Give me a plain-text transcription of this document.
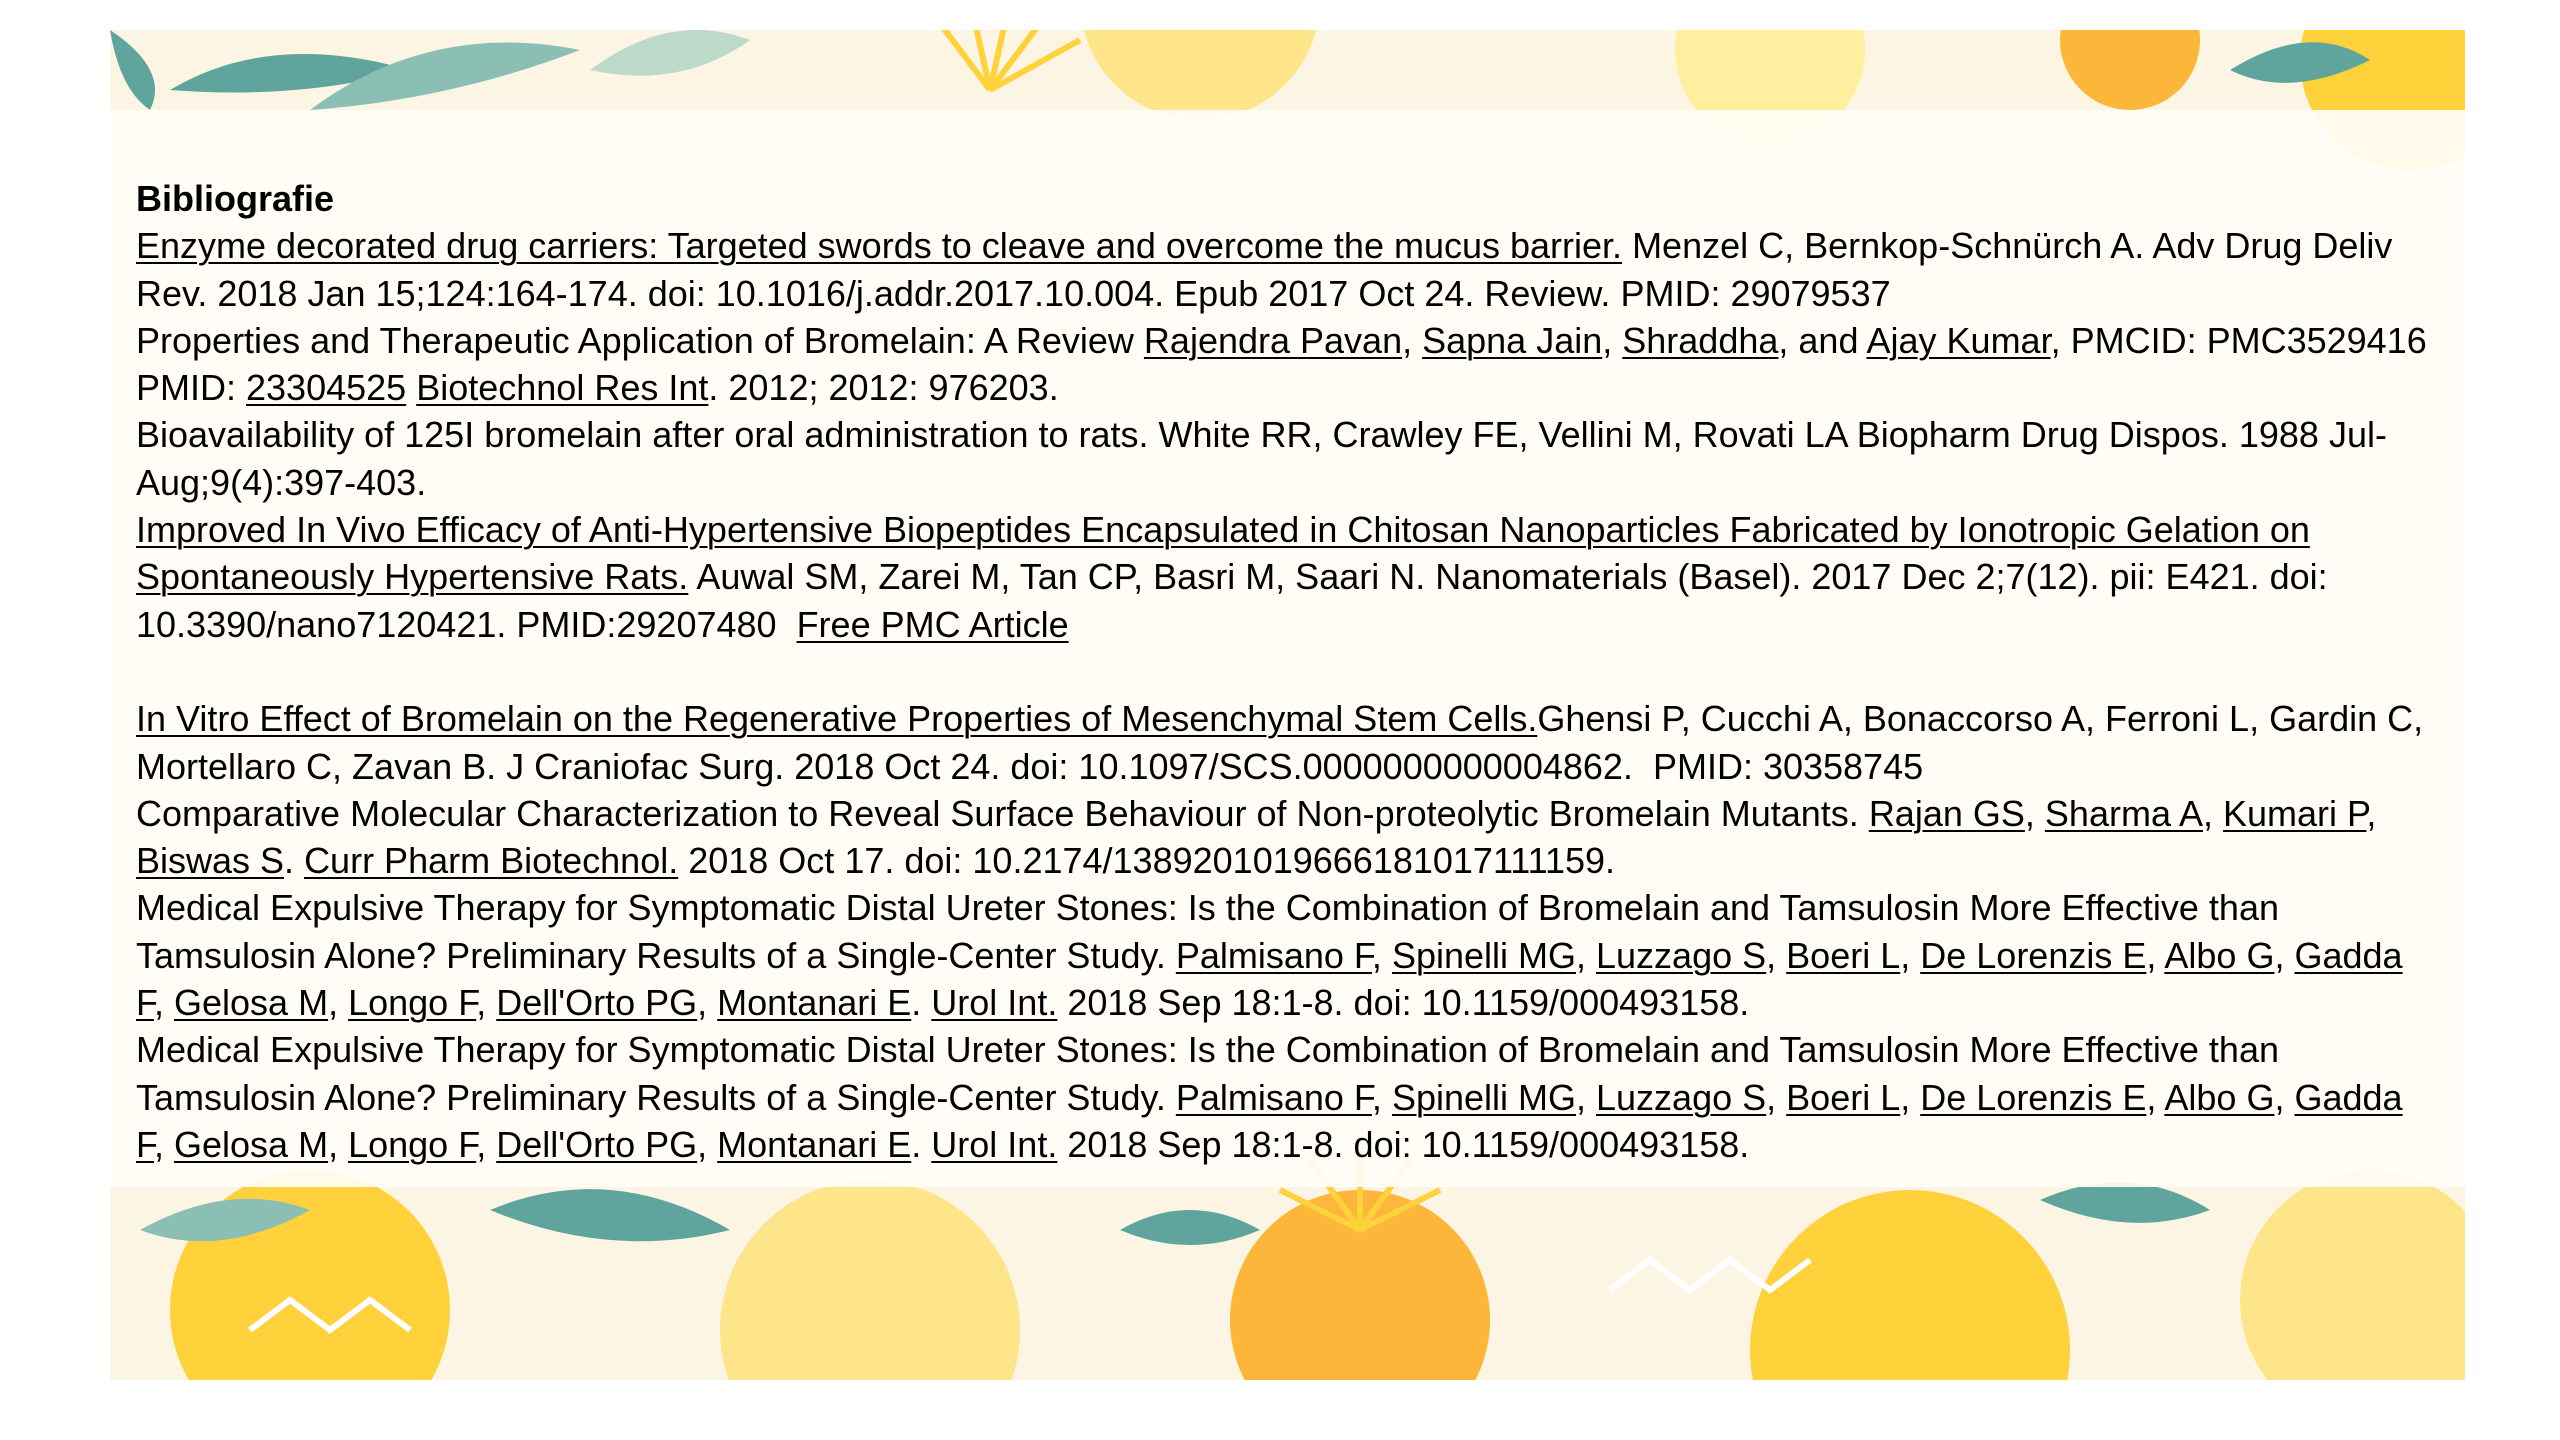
Bibliografie
Enzyme decorated drug carriers: Targeted swords to cleave and overcome the mucus barrier. Menzel C, Bernkop-Schnürch A. Adv Drug Deliv Rev. 2018 Jan 15;124:164-174. doi: 10.1016/j.addr.2017.10.004. Epub 2017 Oct 24. Review. PMID: 29079537
Properties and Therapeutic Application of Bromelain: A Review Rajendra Pavan, Sapna Jain, Shraddha, and Ajay Kumar, PMCID: PMC3529416 PMID: 23304525 Biotechnol Res Int. 2012; 2012: 976203.
Bioavailability of 125I bromelain after oral administration to rats. White RR, Crawley FE, Vellini M, Rovati LA Biopharm Drug Dispos. 1988 Jul-Aug;9(4):397-403.
Improved In Vivo Efficacy of Anti-Hypertensive Biopeptides Encapsulated in Chitosan Nanoparticles Fabricated by Ionotropic Gelation on Spontaneously Hypertensive Rats. Auwal SM, Zarei M, Tan CP, Basri M, Saari N. Nanomaterials (Basel). 2017 Dec 2;7(12). pii: E421. doi: 10.3390/nano7120421. PMID:29207480  Free PMC Article
In Vitro Effect of Bromelain on the Regenerative Properties of Mesenchymal Stem Cells.Ghensi P, Cucchi A, Bonaccorso A, Ferroni L, Gardin C, Mortellaro C, Zavan B. J Craniofac Surg. 2018 Oct 24. doi: 10.1097/SCS.0000000000004862.  PMID: 30358745
Comparative Molecular Characterization to Reveal Surface Behaviour of Non-proteolytic Bromelain Mutants. Rajan GS, Sharma A, Kumari P, Biswas S. Curr Pharm Biotechnol. 2018 Oct 17. doi: 10.2174/1389201019666181017111159.
Medical Expulsive Therapy for Symptomatic Distal Ureter Stones: Is the Combination of Bromelain and Tamsulosin More Effective than Tamsulosin Alone? Preliminary Results of a Single-Center Study. Palmisano F, Spinelli MG, Luzzago S, Boeri L, De Lorenzis E, Albo G, Gadda F, Gelosa M, Longo F, Dell'Orto PG, Montanari E. Urol Int. 2018 Sep 18:1-8. doi: 10.1159/000493158.
Medical Expulsive Therapy for Symptomatic Distal Ureter Stones: Is the Combination of Bromelain and Tamsulosin More Effective than Tamsulosin Alone? Preliminary Results of a Single-Center Study. Palmisano F, Spinelli MG, Luzzago S, Boeri L, De Lorenzis E, Albo G, Gadda F, Gelosa M, Longo F, Dell'Orto PG, Montanari E. Urol Int. 2018 Sep 18:1-8. doi: 10.1159/000493158.
